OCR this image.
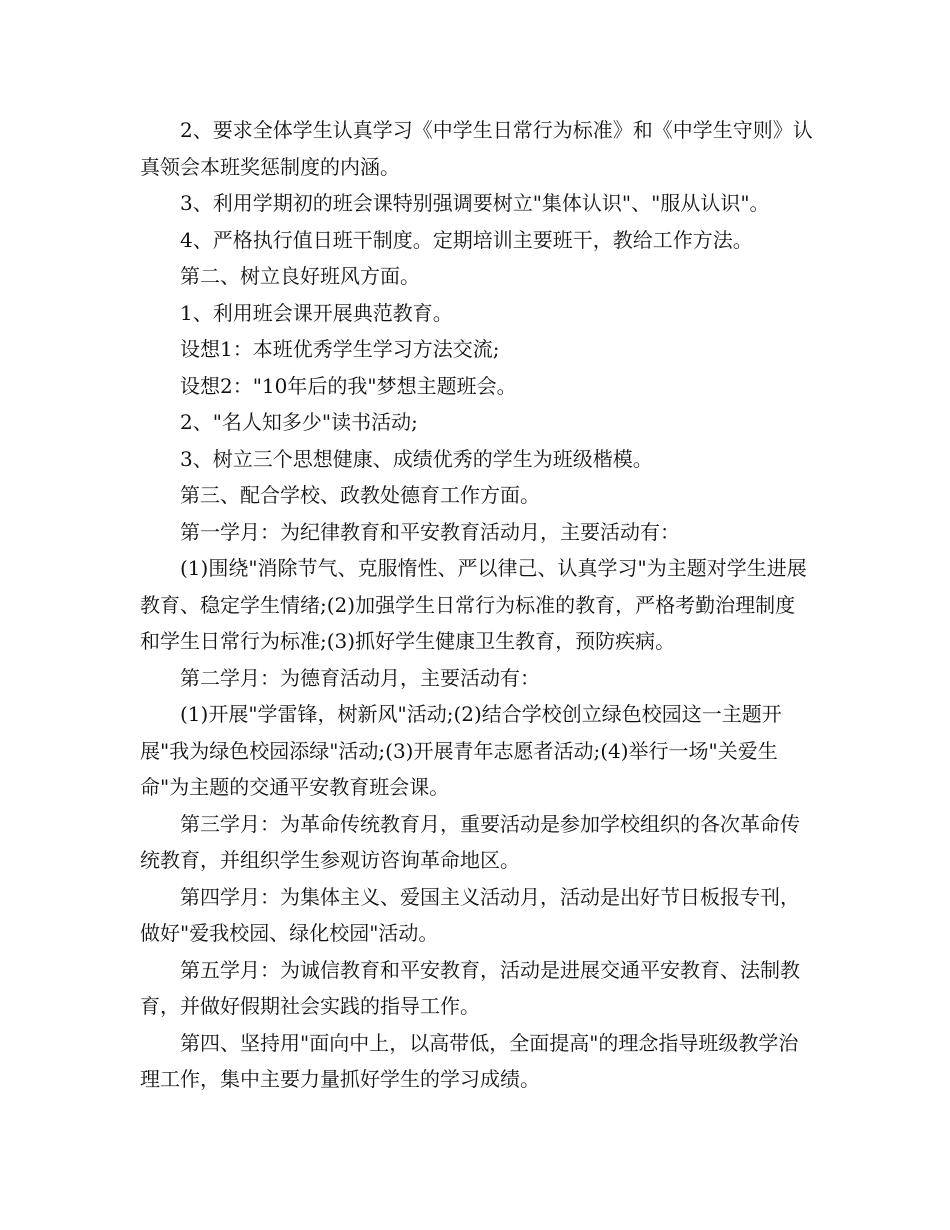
2、要求全体学生认真学习《中学生日常行为标准》和《中学生守则》认真领会本班奖惩制度的内涵。

3、利用学期初的班会课特别强调要树立"集体认识"、"服从认识"。

4、严格执行值日班干制度。定期培训主要班干，教给工作方法。

第二、树立良好班风方面。

1、利用班会课开展典范教育。

设想1：本班优秀学生学习方法交流;

设想2："10年后的我"梦想主题班会。

2、"名人知多少"读书活动;

3、树立三个思想健康、成绩优秀的学生为班级楷模。

第三、配合学校、政教处德育工作方面。

第一学月：为纪律教育和平安教育活动月，主要活动有：

(1)围绕"消除节气、克服惰性、严以律己、认真学习"为主题对学生进展教育、稳定学生情绪;(2)加强学生日常行为标准的教育，严格考勤治理制度和学生日常行为标准;(3)抓好学生健康卫生教育，预防疾病。

第二学月：为德育活动月，主要活动有：

(1)开展"学雷锋，树新风"活动;(2)结合学校创立绿色校园这一主题开展"我为绿色校园添绿"活动;(3)开展青年志愿者活动;(4)举行一场"关爱生命"为主题的交通平安教育班会课。

第三学月：为革命传统教育月，重要活动是参加学校组织的各次革命传统教育，并组织学生参观访咨询革命地区。

第四学月：为集体主义、爱国主义活动月，活动是出好节日板报专刊，做好"爱我校园、绿化校园"活动。

第五学月：为诚信教育和平安教育，活动是进展交通平安教育、法制教育，并做好假期社会实践的指导工作。

第四、坚持用"面向中上，以高带低，全面提高"的理念指导班级教学治理工作，集中主要力量抓好学生的学习成绩。
